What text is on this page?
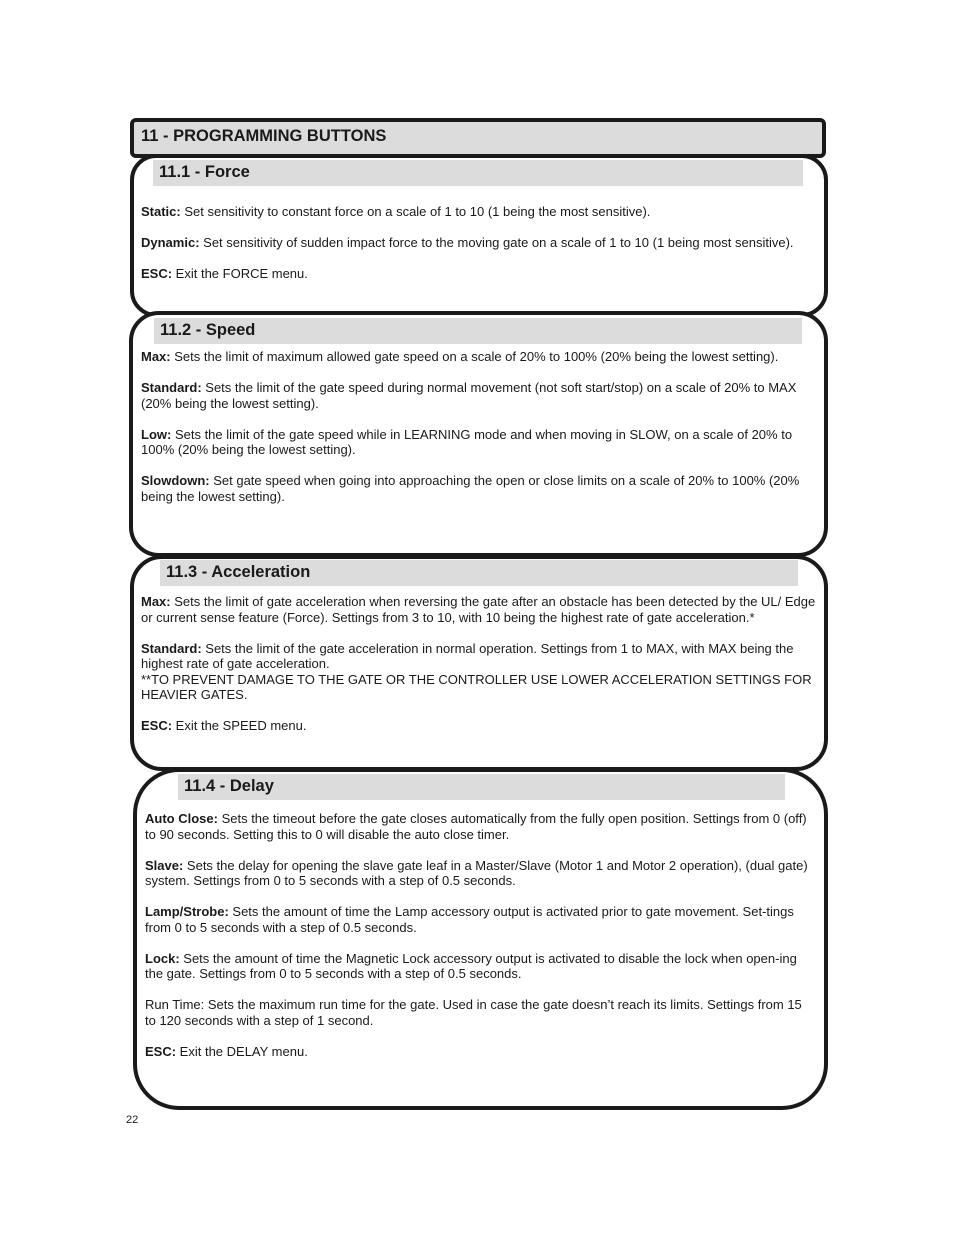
11 - PROGRAMMING BUTTONS
11.1 - Force

Static: Set sensitivity to constant force on a scale of 1 to 10 (1 being the most sensitive).

Dynamic: Set sensitivity of sudden impact force to the moving gate on a scale of 1 to 10 (1 being most sensitive).

ESC: Exit the FORCE menu.

11.2 - Speed

Max: Sets the limit of maximum allowed gate speed on a scale of 20% to 100% (20% being the lowest setting).

Standard: Sets the limit of the gate speed during normal movement (not soft start/stop) on a scale of 20% to MAX (20% being the lowest setting).

Low: Sets the limit of the gate speed while in LEARNING mode and when moving in SLOW, on a scale of 20% to 100% (20% being the lowest setting).

Slowdown: Set gate speed when going into approaching the open or close limits on a scale of 20% to 100% (20% being the lowest setting).

11.3 - Acceleration

Max: Sets the limit of gate acceleration when reversing the gate after an obstacle has been detected by the UL/ Edge or current sense feature (Force). Settings from 3 to 10, with 10 being the highest rate of gate acceleration.*

Standard: Sets the limit of the gate acceleration in normal operation. Settings from 1 to MAX, with MAX being the highest rate of gate acceleration.
**TO PREVENT DAMAGE TO THE GATE OR THE CONTROLLER USE LOWER ACCELERATION SETTINGS FOR HEAVIER GATES.

ESC: Exit the SPEED menu.

11.4 - Delay

Auto Close: Sets the timeout before the gate closes automatically from the fully open position. Settings from 0 (off) to 90 seconds. Setting this to 0 will disable the auto close timer.

Slave: Sets the delay for opening the slave gate leaf in a Master/Slave (Motor 1 and Motor 2 operation), (dual gate) system. Settings from 0 to 5 seconds with a step of 0.5 seconds.

Lamp/Strobe: Sets the amount of time the Lamp accessory output is activated prior to gate movement. Set-tings from 0 to 5 seconds with a step of 0.5 seconds.

Lock: Sets the amount of time the Magnetic Lock accessory output is activated to disable the lock when open-ing the gate. Settings from 0 to 5 seconds with a step of 0.5 seconds.

Run Time: Sets the maximum run time for the gate. Used in case the gate doesn’t reach its limits. Settings from 15 to 120 seconds with a step of 1 second.

ESC: Exit the DELAY menu.

22
